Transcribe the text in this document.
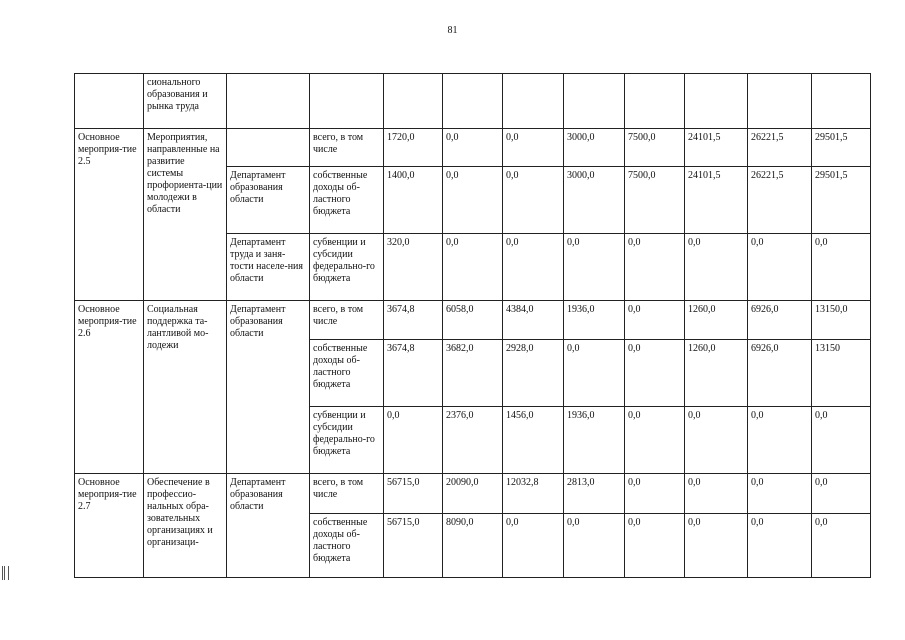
81
	сионального образования и рынка труда										
Основное мероприя-тие 2.5	Мероприятия, направленные на развитие системы профориента-ции молодежи в области		всего, в том числе	1720,0	0,0	0,0	3000,0	7500,0	24101,5	26221,5	29501,5
		Департамент образования области	собственные доходы об-ластного бюджета	1400,0	0,0	0,0	3000,0	7500,0	24101,5	26221,5	29501,5
		Департамент труда и заня-тости населе-ния области	субвенции и субсидии федерально-го бюджета	320,0	0,0	0,0	0,0	0,0	0,0	0,0	0,0
Основное мероприя-тие 2.6	Социальная поддержка та-лантливой мо-лодежи	Департамент образования области	всего, в том числе	3674,8	6058,0	4384,0	1936,0	0,0	1260,0	6926,0	13150,0
			собственные доходы об-ластного бюджета	3674,8	3682,0	2928,0	0,0	0,0	1260,0	6926,0	13150
			субвенции и субсидии федерально-го бюджета	0,0	2376,0	1456,0	1936,0	0,0	0,0	0,0	0,0
Основное мероприя-тие 2.7	Обеспечение в профессио-нальных обра-зовательных организациях и организаци-	Департамент образования области	всего, в том числе	56715,0	20090,0	12032,8	2813,0	0,0	0,0	0,0	0,0
			собственные доходы об-ластного бюджета	56715,0	8090,0	0,0	0,0	0,0	0,0	0,0	0,0
